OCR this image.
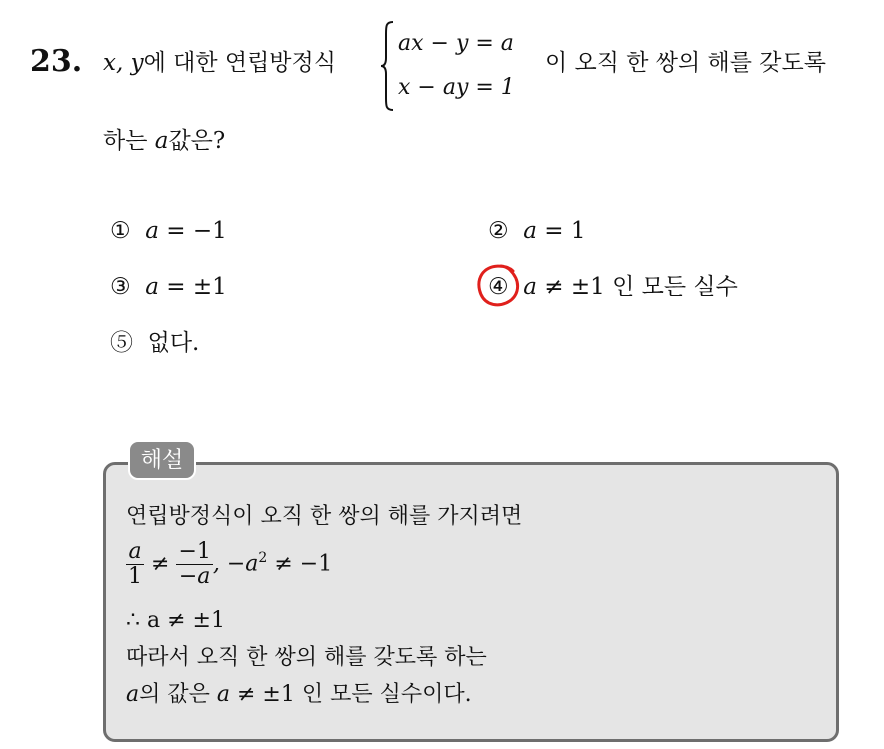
23. x, y에 대한 연립방정식
ax − y = a
x − ay = 1
이 오직 한 쌍의 해를 갖도록
하는 a값은?
① a = −1	② a = 1
③ a = ±1	④ a ≠ ±1 인 모든 실수
⑤ 없다.
해설
연립방정식이 오직 한 쌍의 해를 가지려면
$\frac{a}{1} \ne \frac{-1}{-a}$ , $-a^2 \ne -1$
∴ a ≠ ±1
따라서 오직 한 쌍의 해를 갖도록 하는
a의 값은 a ≠ ±1 인 모든 실수이다.
